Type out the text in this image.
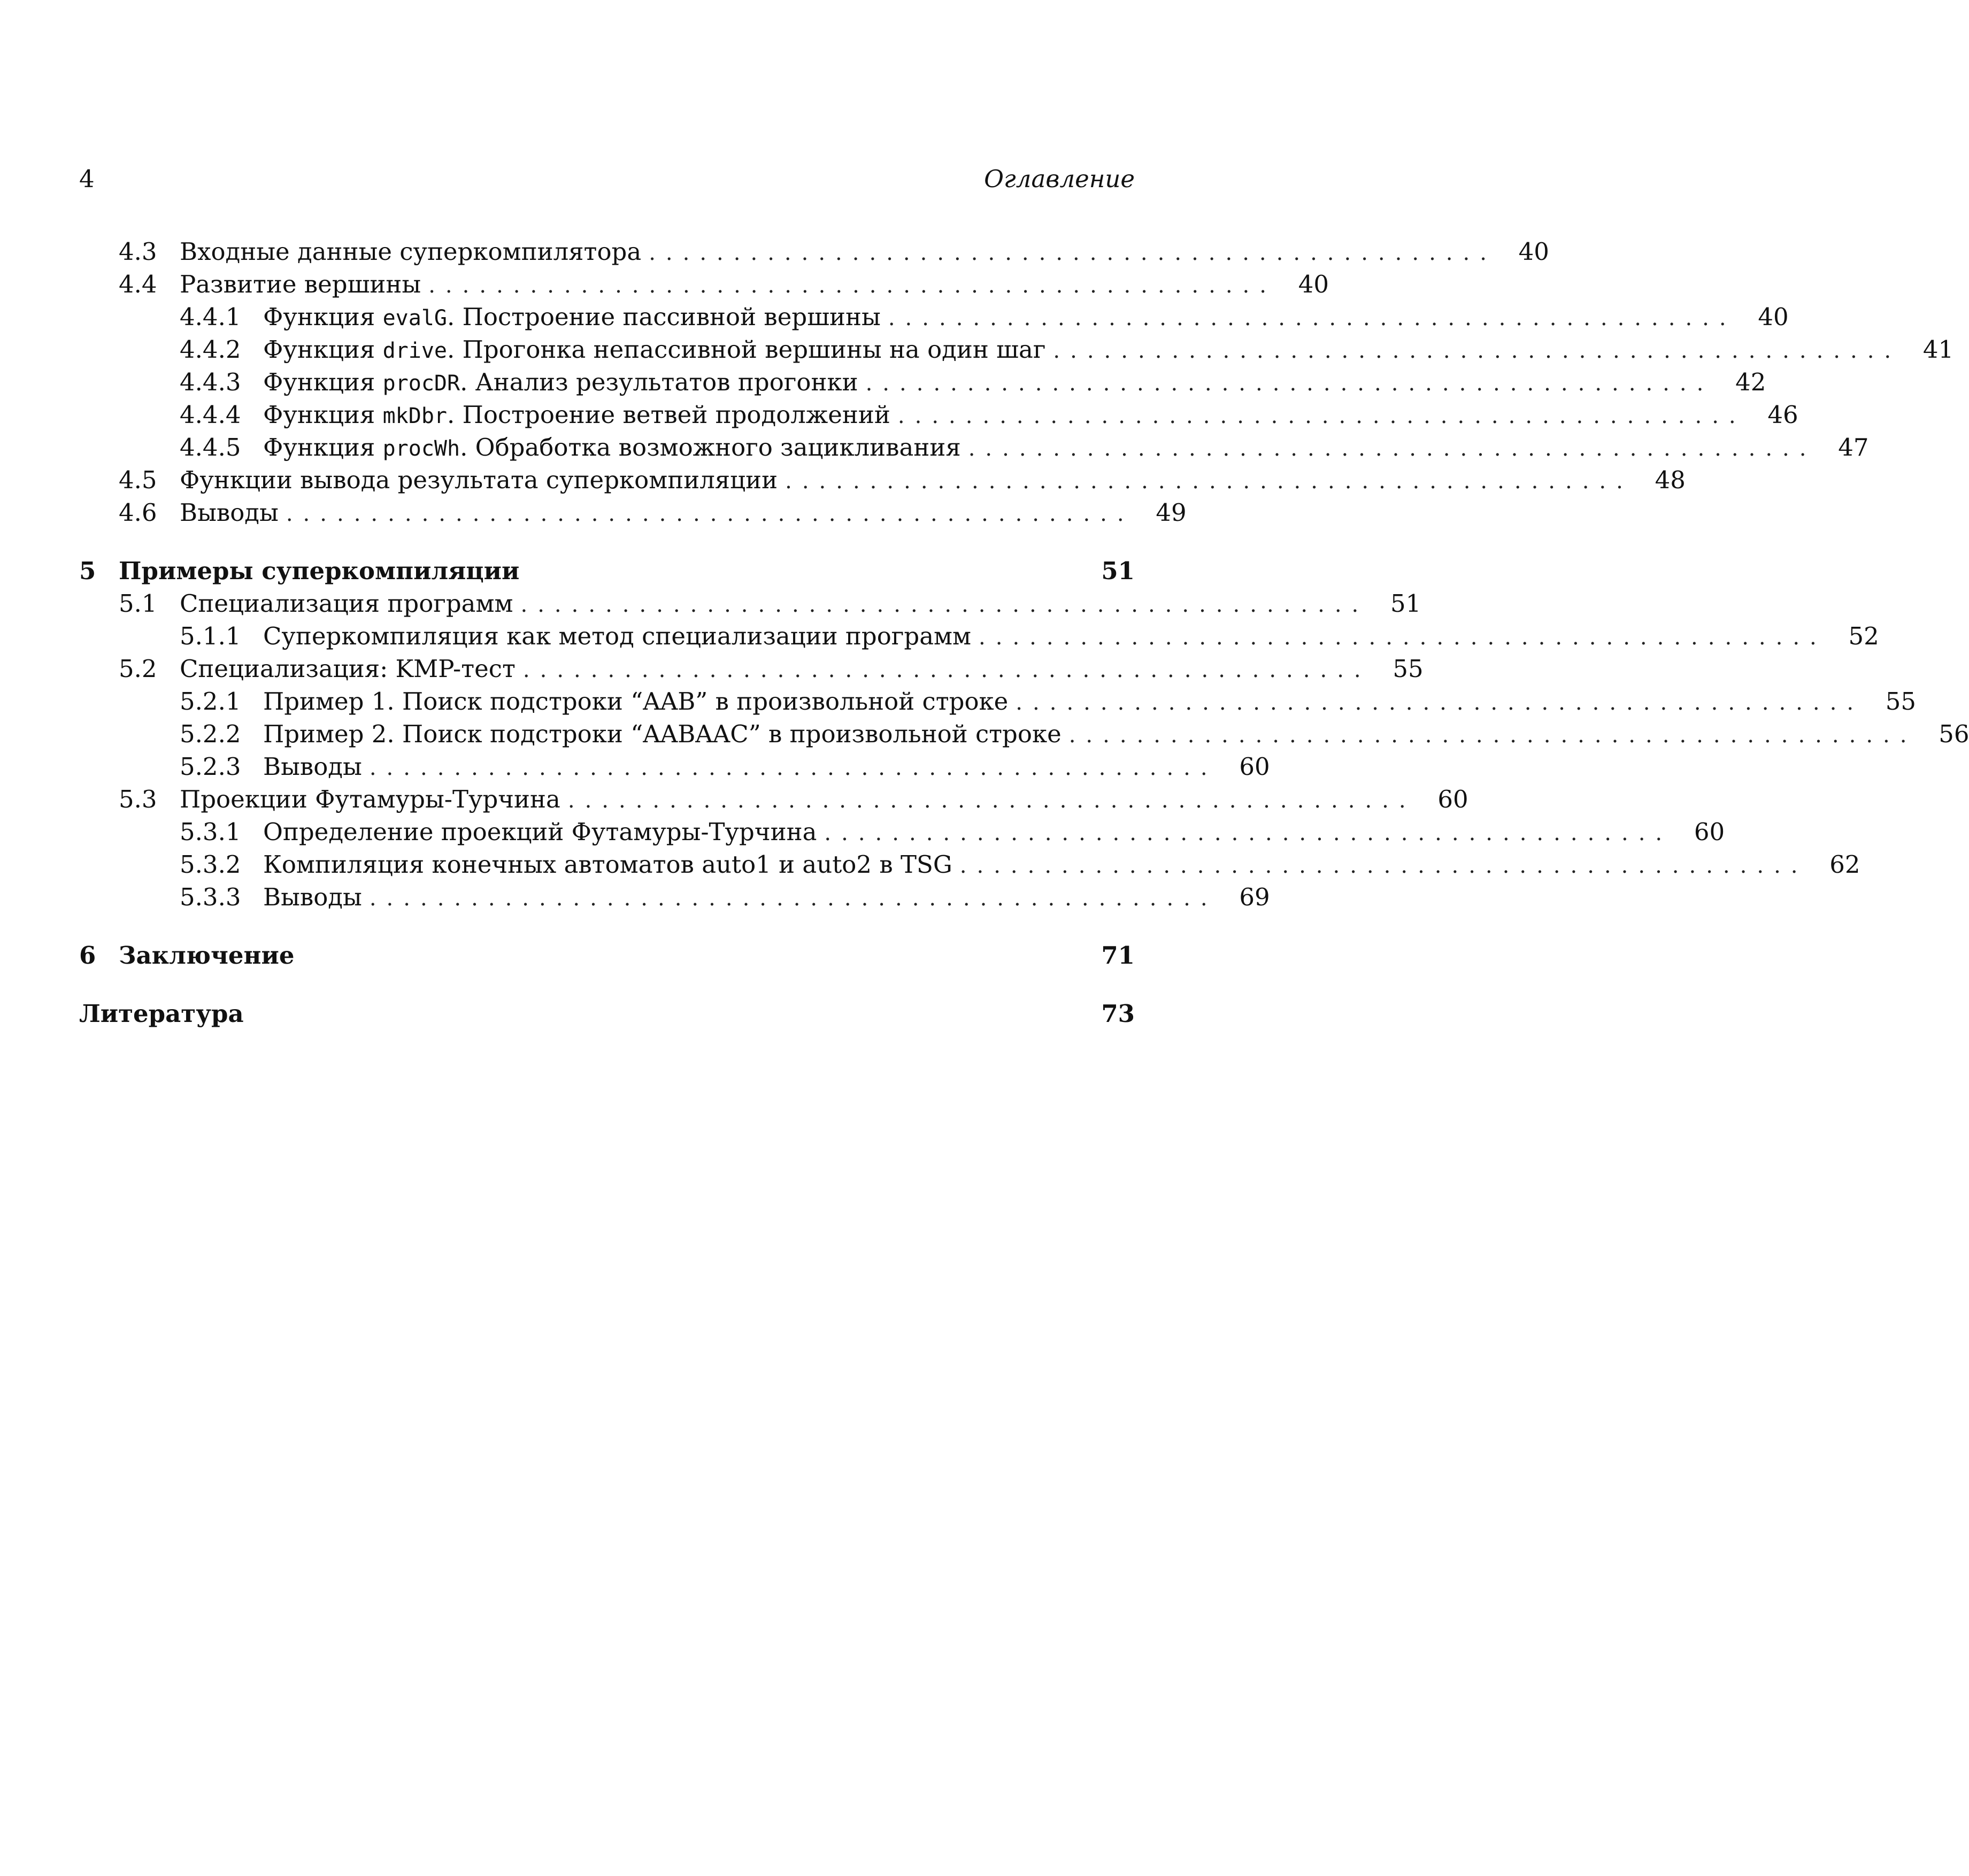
4	Оглавление
4.3 Входные данные суперкомпилятора .................................................. 40
4.4 Развитие вершины .................................................. 40
4.4.1 Функция evalG. Построение пассивной вершины .................................................. 40
4.4.2 Функция drive. Прогонка непассивной вершины на один шаг .................................................. 41
4.4.3 Функция procDR. Анализ результатов прогонки .................................................. 42
4.4.4 Функция mkDbr. Построение ветвей продолжений .................................................. 46
4.4.5 Функция procWh. Обработка возможного зацикливания .................................................. 47
4.5 Функции вывода результата суперкомпиляции .................................................. 48
4.6 Выводы .................................................. 49
5 Примеры суперкомпиляции	51
5.1 Специализация программ .................................................. 51
5.1.1 Суперкомпиляция как метод специализации программ .................................................. 52
5.2 Специализация: KMP-тест .................................................. 55
5.2.1 Пример 1. Поиск подстроки “AAB” в произвольной строке .................................................. 55
5.2.2 Пример 2. Поиск подстроки “AABAAC” в произвольной строке .................................................. 56
5.2.3 Выводы .................................................. 60
5.3 Проекции Футамуры-Турчина .................................................. 60
5.3.1 Определение проекций Футамуры-Турчина .................................................. 60
5.3.2 Компиляция конечных автоматов auto1 и auto2 в TSG .................................................. 62
5.3.3 Выводы .................................................. 69
6 Заключение	71
Литература	73
